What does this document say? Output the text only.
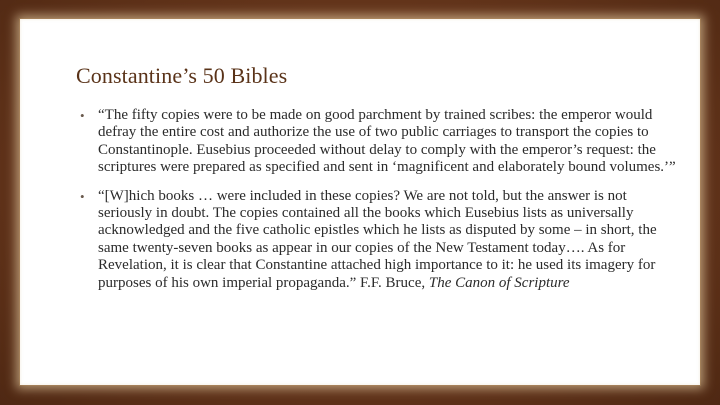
Constantine’s 50 Bibles
• “The fifty copies were to be made on good parchment by trained scribes: the emperor would defray the entire cost and authorize the use of two public carriages to transport the copies to Constantinople. Eusebius proceeded without delay to comply with the emperor’s request: the scriptures were prepared as specified and sent in ‘magnificent and elaborately bound volumes.’”
• “[W]hich books … were included in these copies? We are not told, but the answer is not seriously in doubt. The copies contained all the books which Eusebius lists as universally acknowledged and the five catholic epistles which he lists as disputed by some – in short, the same twenty-seven books as appear in our copies of the New Testament today…. As for Revelation, it is clear that Constantine attached high importance to it: he used its imagery for purposes of his own imperial propaganda.” F.F. Bruce, The Canon of Scripture
